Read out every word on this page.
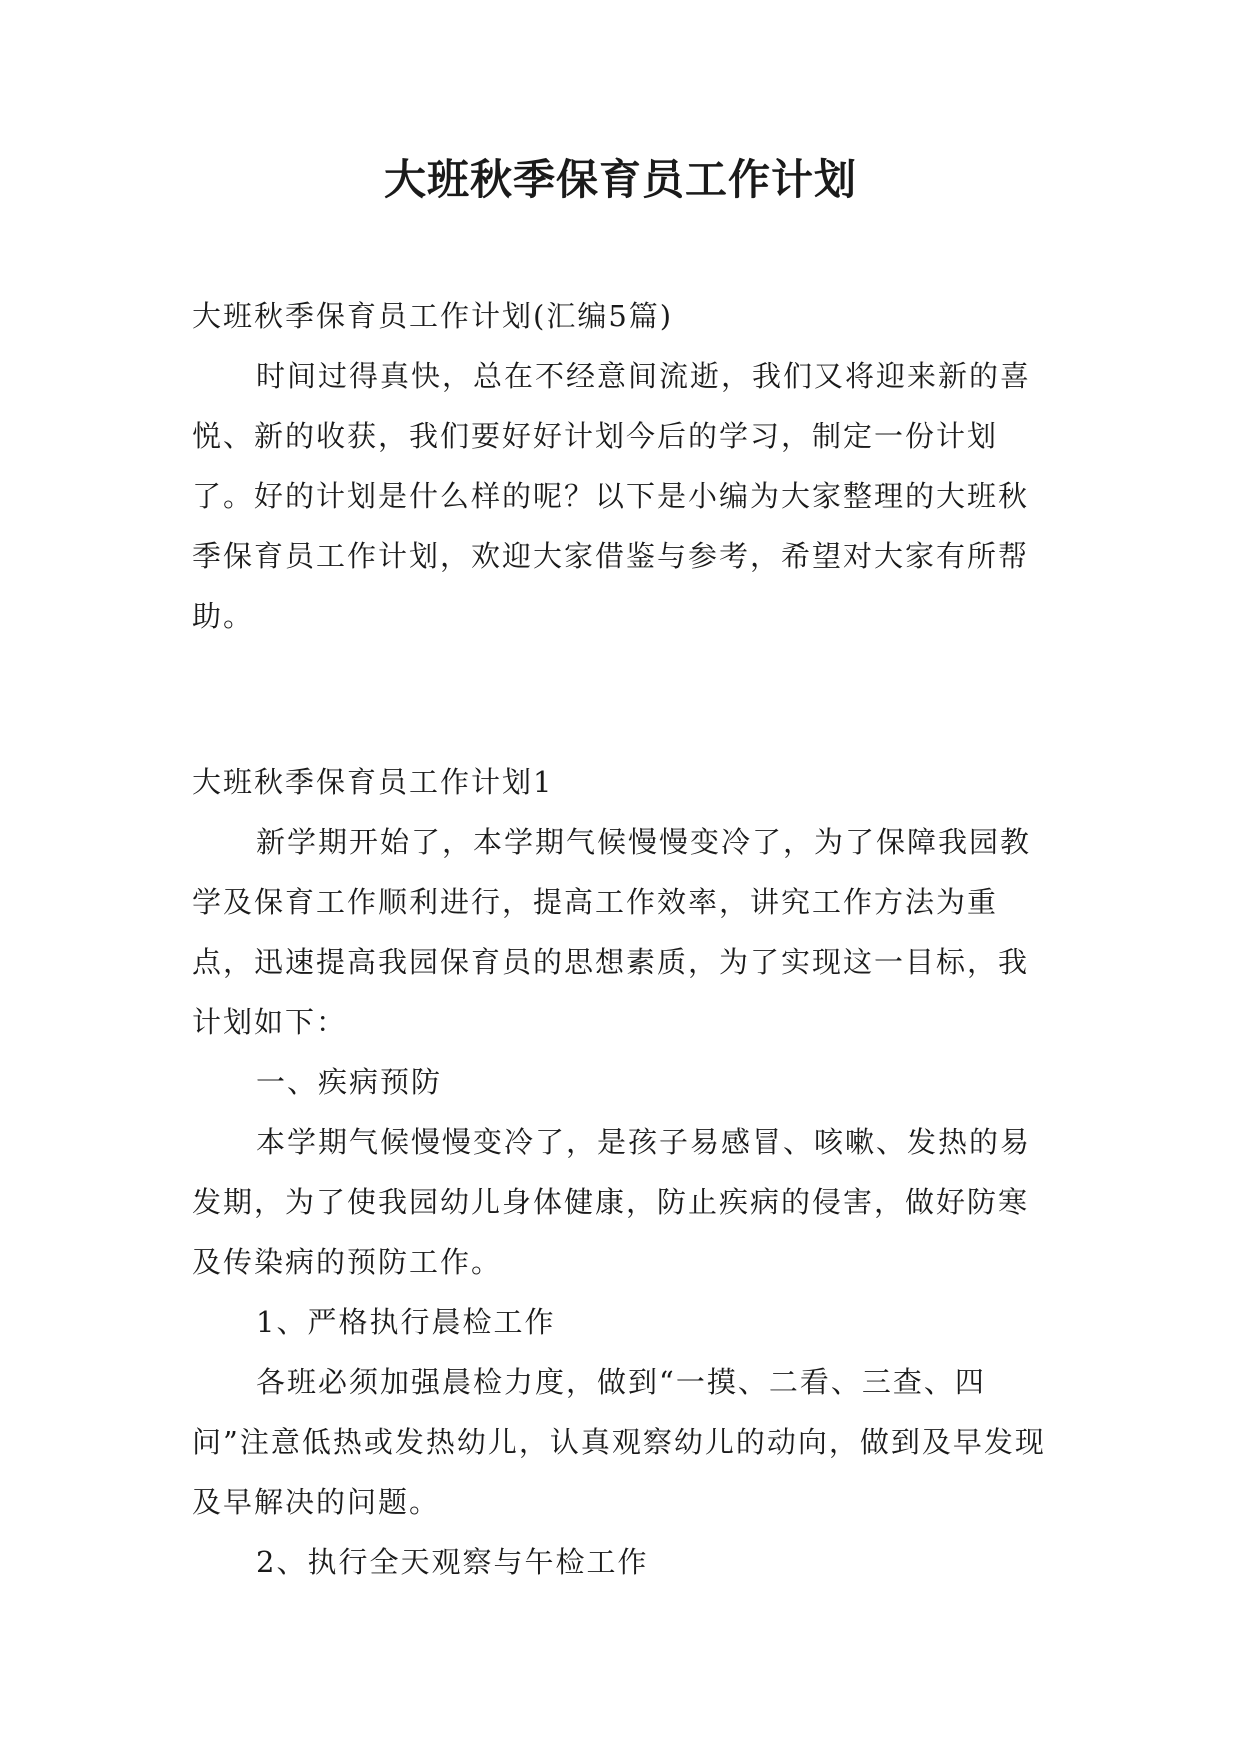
大班秋季保育员工作计划

大班秋季保育员工作计划(汇编5篇)

时间过得真快，总在不经意间流逝，我们又将迎来新的喜悦、新的收获，我们要好好计划今后的学习，制定一份计划了。好的计划是什么样的呢？以下是小编为大家整理的大班秋季保育员工作计划，欢迎大家借鉴与参考，希望对大家有所帮助。

大班秋季保育员工作计划1

新学期开始了，本学期气候慢慢变冷了，为了保障我园教学及保育工作顺利进行，提高工作效率，讲究工作方法为重点，迅速提高我园保育员的思想素质，为了实现这一目标，我计划如下：

一、疾病预防

本学期气候慢慢变冷了，是孩子易感冒、咳嗽、发热的易发期，为了使我园幼儿身体健康，防止疾病的侵害，做好防寒及传染病的预防工作。

1、严格执行晨检工作

各班必须加强晨检力度，做到“一摸、二看、三查、四问”注意低热或发热幼儿，认真观察幼儿的动向，做到及早发现及早解决的问题。

2、执行全天观察与午检工作
